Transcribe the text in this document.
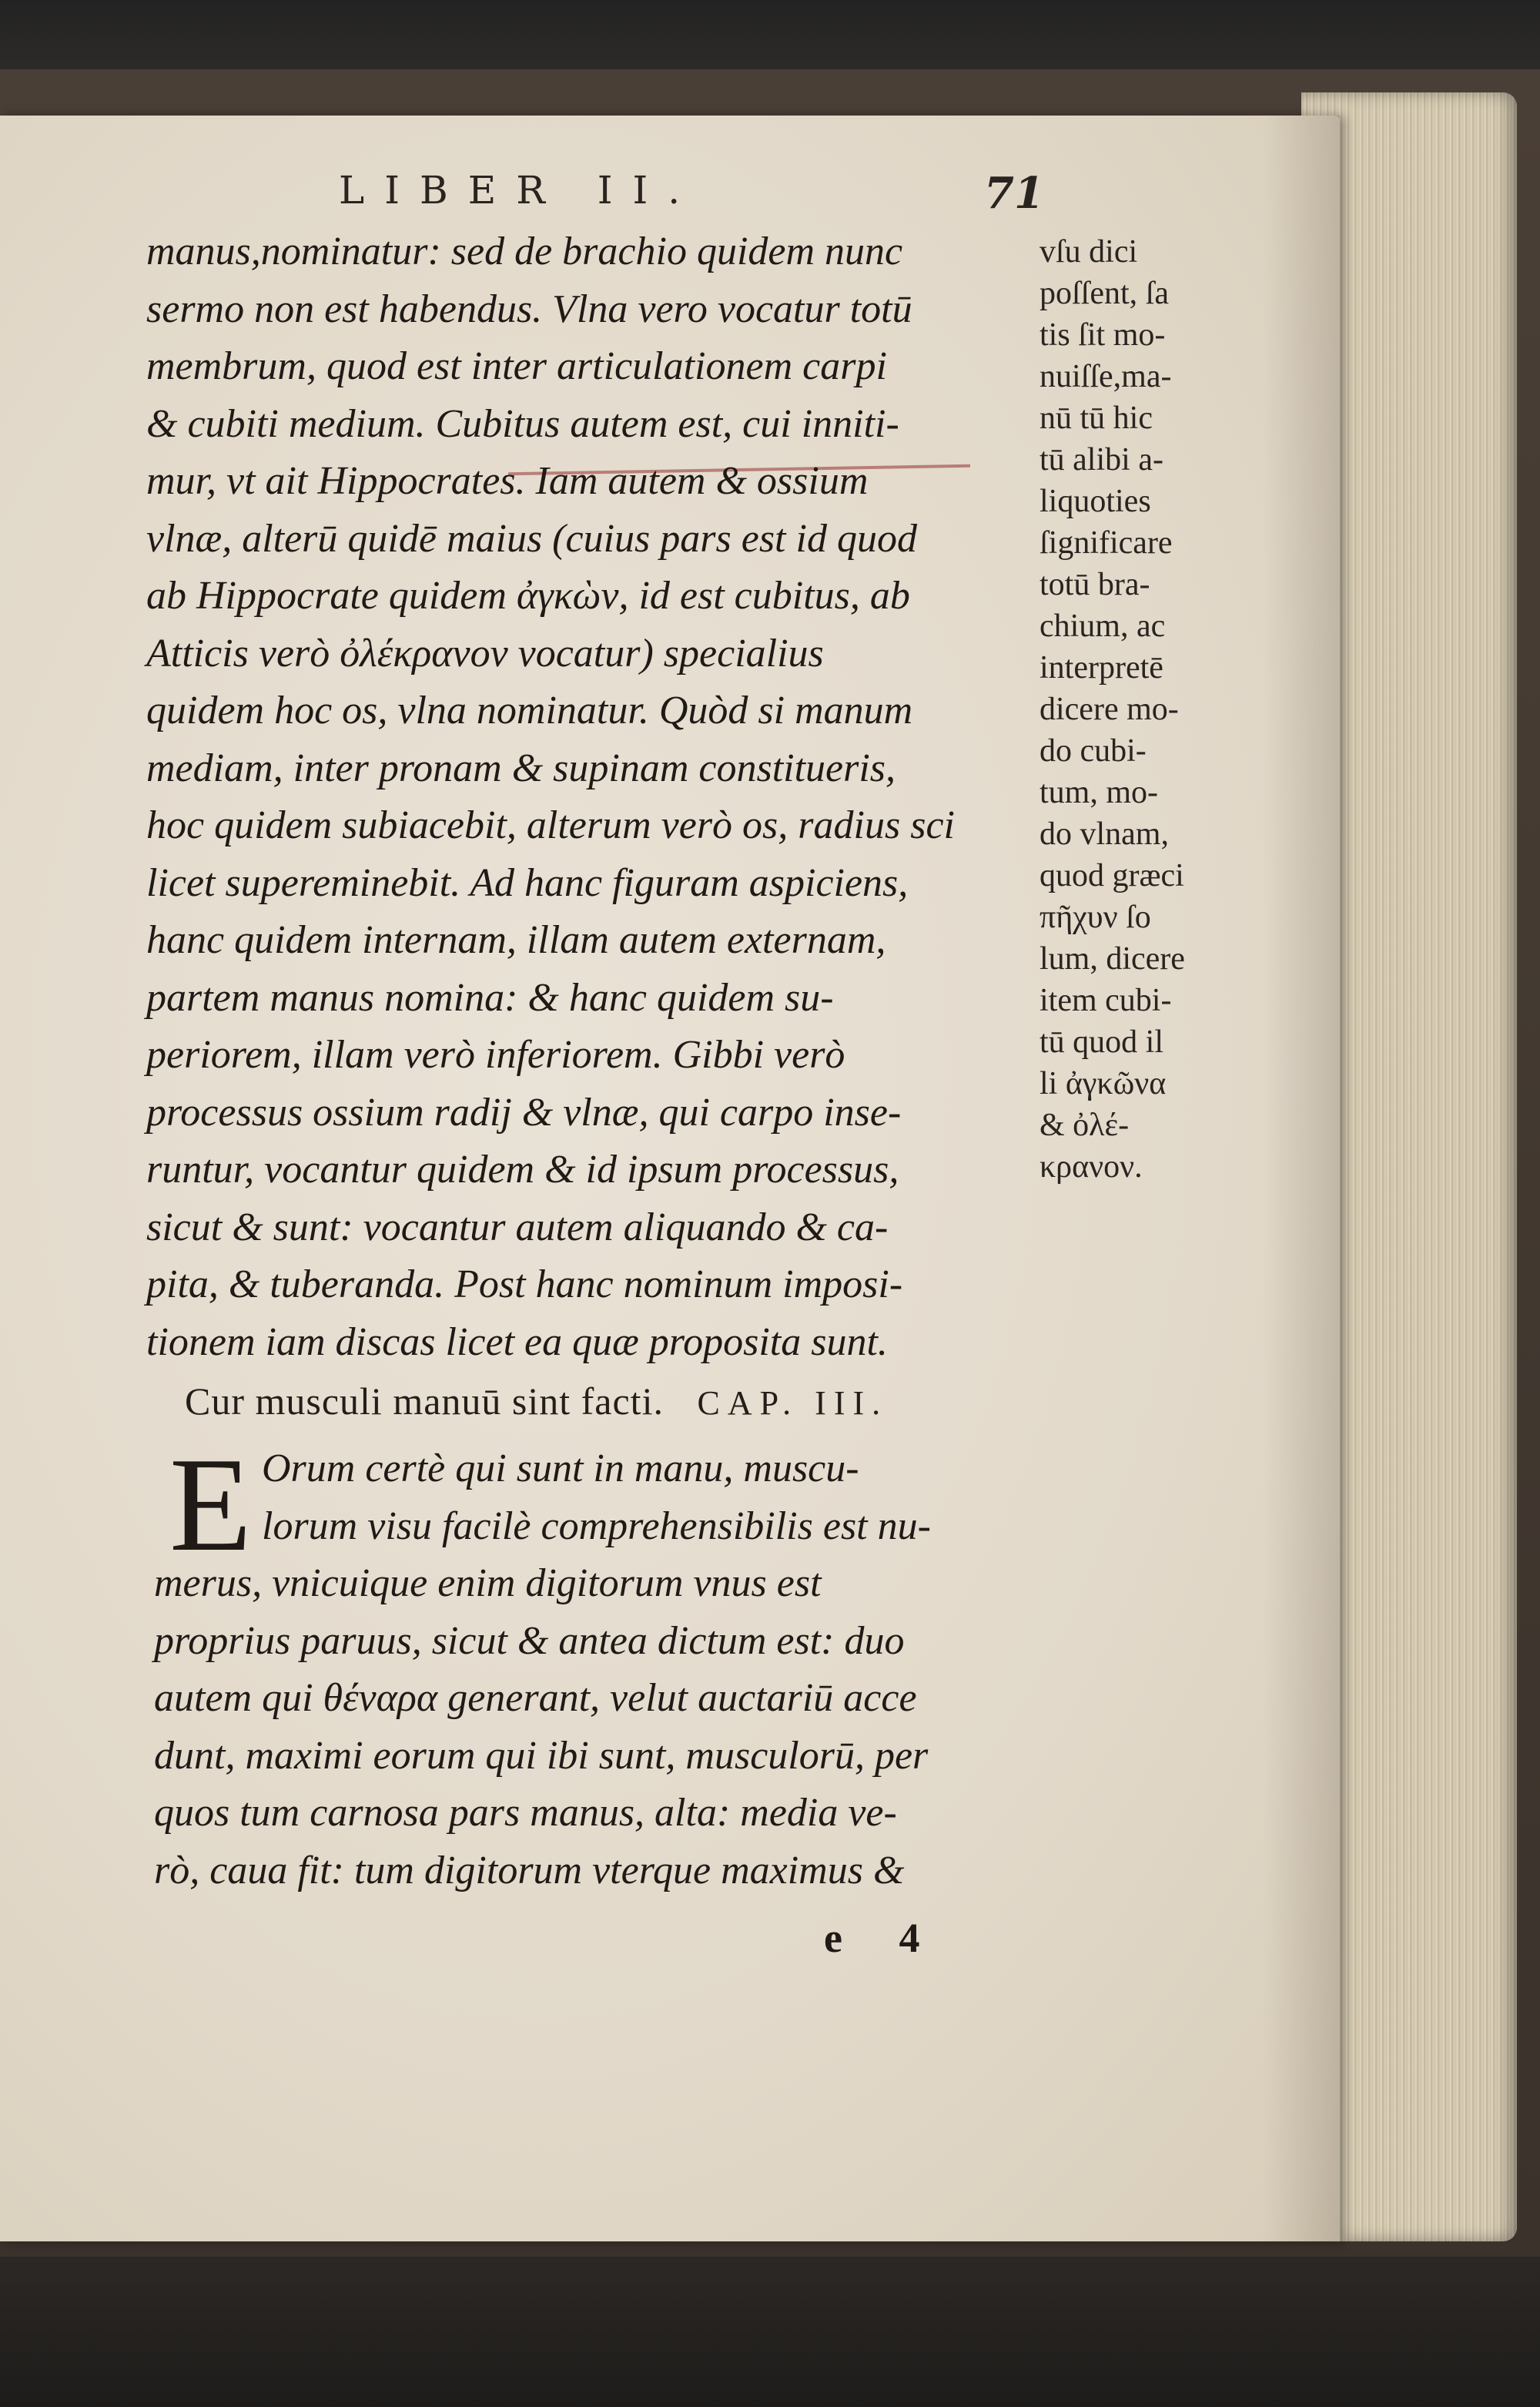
LIBER II.	71
manus,nominatur: sed de brachio quidem nunc
sermo non est habendus. Vlna vero vocatur totū
membrum, quod est inter articulationem carpi
& cubiti medium. Cubitus autem est, cui inniti-
mur, vt ait Hippocrates. Iam autem & ossium
vlnæ, alterū quidē maius (cuius pars est id quod
ab Hippocrate quidem ἀγκὼν, id est cubitus, ab
Atticis verò ὀλέκρανον vocatur) specialius
quidem hoc os, vlna nominatur. Quòd si manum
mediam, inter pronam & supinam constitueris,
hoc quidem subiacebit, alterum verò os, radius sci
licet supereminebit. Ad hanc figuram aspiciens,
hanc quidem internam, illam autem externam,
partem manus nomina: & hanc quidem su-
periorem, illam verò inferiorem. Gibbi verò
processus ossium radij & vlnæ, qui carpo inse-
runtur, vocantur quidem & id ipsum processus,
sicut & sunt: vocantur autem aliquando & ca-
pita, & tuberanda. Post hanc nominum imposi-
tionem iam discas licet ea quæ proposita sunt.
vſu dici
poſſent, ſa
tis ſit mo-
nuiſſe,ma-
nū tū hic
tū alibi a-
liquoties
ſignificare
totū bra-
chium, ac
interpretē
dicere mo-
do cubi-
tum, mo-
do vlnam,
quod græci
πῆχυν ſo
lum, dicere
item cubi-
tū quod il
li ἀγκῶνα
& ὀλέ-
κρανον.
Cur musculi manuū sint facti. CAP. III.
E Orum certè qui sunt in manu, muscu-
lorum visu facilè comprehensibilis est nu-
merus, vnicuique enim digitorum vnus est
proprius paruus, sicut & antea dictum est: duo
autem qui θέναρα generant, velut auctariū acce
dunt, maximi eorum qui ibi sunt, musculorū, per
quos tum carnosa pars manus, alta: media ve-
rò, caua fit: tum digitorum vterque maximus &
e 4
